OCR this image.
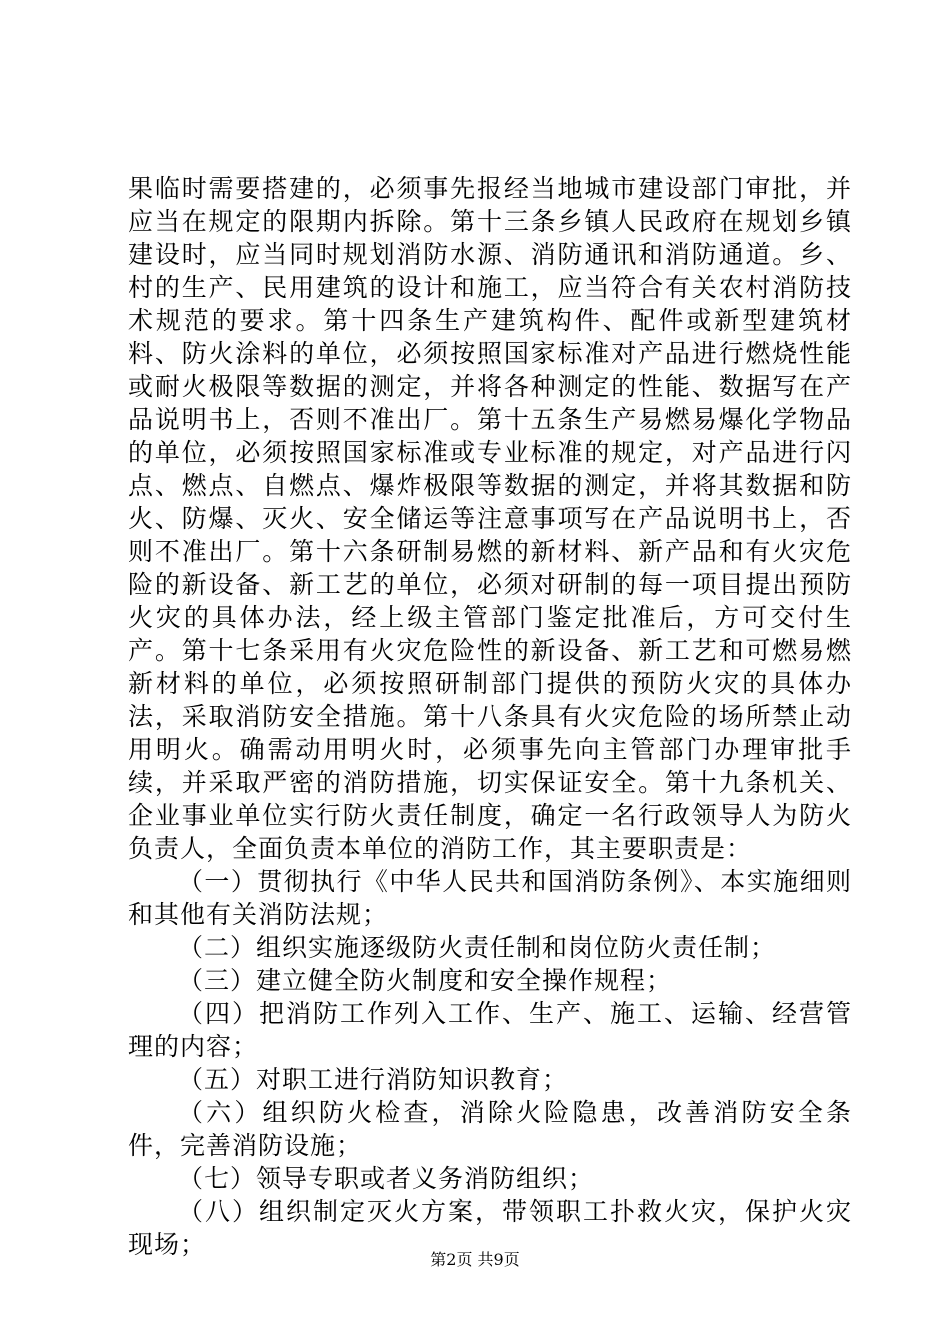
果临时需要搭建的，必须事先报经当地城市建设部门审批，并应当在规定的限期内拆除。第十三条乡镇人民政府在规划乡镇建设时，应当同时规划消防水源、消防通讯和消防通道。乡、村的生产、民用建筑的设计和施工，应当符合有关农村消防技术规范的要求。第十四条生产建筑构件、配件或新型建筑材料、防火涂料的单位，必须按照国家标准对产品进行燃烧性能或耐火极限等数据的测定，并将各种测定的性能、数据写在产品说明书上，否则不准出厂。第十五条生产易燃易爆化学物品的单位，必须按照国家标准或专业标准的规定，对产品进行闪点、燃点、自燃点、爆炸极限等数据的测定，并将其数据和防火、防爆、灭火、安全储运等注意事项写在产品说明书上，否则不准出厂。第十六条研制易燃的新材料、新产品和有火灾危险的新设备、新工艺的单位，必须对研制的每一项目提出预防火灾的具体办法，经上级主管部门鉴定批准后，方可交付生产。第十七条采用有火灾危险性的新设备、新工艺和可燃易燃新材料的单位，必须按照研制部门提供的预防火灾的具体办法，采取消防安全措施。第十八条具有火灾危险的场所禁止动用明火。确需动用明火时，必须事先向主管部门办理审批手续，并采取严密的消防措施，切实保证安全。第十九条机关、企业事业单位实行防火责任制度，确定一名行政领导人为防火负责人，全面负责本单位的消防工作，其主要职责是：

（一）贯彻执行《中华人民共和国消防条例》、本实施细则和其他有关消防法规；

（二）组织实施逐级防火责任制和岗位防火责任制；

（三）建立健全防火制度和安全操作规程；

（四）把消防工作列入工作、生产、施工、运输、经营管理的内容；

（五）对职工进行消防知识教育；

（六）组织防火检查，消除火险隐患，改善消防安全条件，完善消防设施；

（七）领导专职或者义务消防组织；

（八）组织制定灭火方案，带领职工扑救火灾，保护火灾现场；

第2页 共9页
